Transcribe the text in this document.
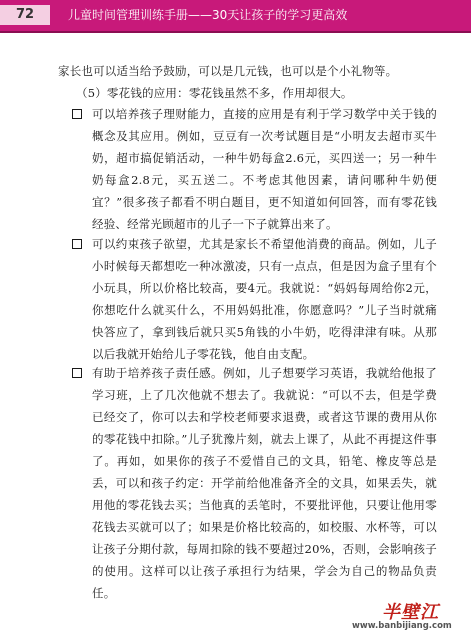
72	儿童时间管理训练手册——30天让孩子的学习更高效
家长也可以适当给予鼓励，可以是几元钱，也可以是个小礼物等。
（5）零花钱的应用：零花钱虽然不多，作用却很大。
可以培养孩子理财能力，直接的应用是有利于学习数学中关于钱的概念及其应用。例如，豆豆有一次考试题目是“小明友去超市买牛奶，超市搞促销活动，一种牛奶每盒2.6元，买四送一；另一种牛奶每盒2.8元，买五送二。不考虑其他因素，请问哪种牛奶便宜？”很多孩子都看不明白题目，更不知道如何回答，而有零花钱经验、经常光顾超市的儿子一下子就算出来了。
可以约束孩子欲望，尤其是家长不希望他消费的商品。例如，儿子小时候每天都想吃一种冰激凌，只有一点点，但是因为盒子里有个小玩具，所以价格比较高，要4元。我就说：“妈妈每周给你2元，你想吃什么就买什么，不用妈妈批准，你愿意吗？”儿子当时就痛快答应了，拿到钱后就只买5角钱的小牛奶，吃得津津有味。从那以后我就开始给儿子零花钱，他自由支配。
有助于培养孩子责任感。例如，儿子想要学习英语，我就给他报了学习班，上了几次他就不想去了。我就说：“可以不去，但是学费已经交了，你可以去和学校老师要求退费，或者这节课的费用从你的零花钱中扣除。”儿子犹豫片刻，就去上课了，从此不再提这件事了。再如，如果你的孩子不爱惜自己的文具，铅笔、橡皮等总是丢，可以和孩子约定：开学前给他准备齐全的文具，如果丢失，就用他的零花钱去买；当他真的丢笔时，不要批评他，只要让他用零花钱去买就可以了；如果是价格比较高的，如校服、水杯等，可以让孩子分期付款，每周扣除的钱不要超过20%，否则，会影响孩子的使用。这样可以让孩子承担行为结果，学会为自己的物品负责任。
半壁江
www.banbijiang.com
